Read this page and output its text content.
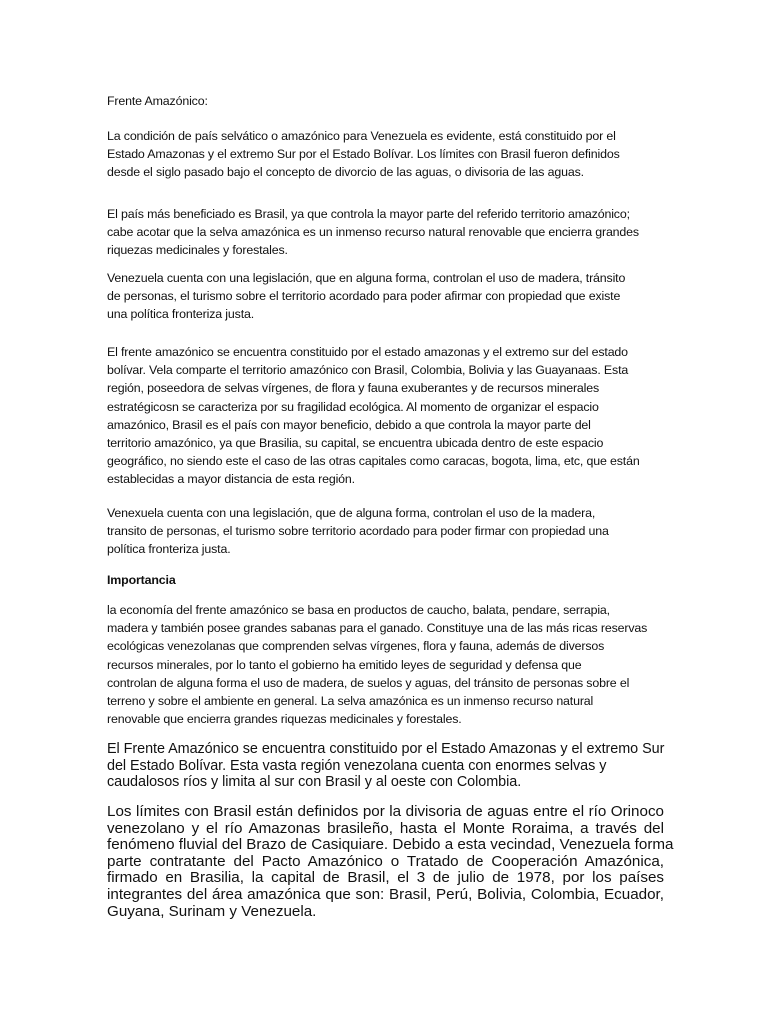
Frente Amazónico:
La condición de país selvático o amazónico para Venezuela es evidente, está constituido por el
Estado Amazonas y el extremo Sur por el Estado Bolívar. Los límites con Brasil fueron definidos
desde el siglo pasado bajo el concepto de divorcio de las aguas, o divisoria de las aguas.
El país más beneficiado es Brasil, ya que controla la mayor parte del referido territorio amazónico;
cabe acotar que la selva amazónica es un inmenso recurso natural renovable que encierra grandes
riquezas medicinales y forestales.
Venezuela cuenta con una legislación, que en alguna forma, controlan el uso de madera, tránsito
de personas, el turismo sobre el territorio acordado para poder afirmar con propiedad que existe
una política fronteriza justa.
El frente amazónico se encuentra constituido por el estado amazonas y el extremo sur del estado
bolívar. Vela comparte el territorio amazónico con Brasil, Colombia, Bolivia y las Guayanaas. Esta
región, poseedora de selvas vírgenes, de flora y fauna exuberantes y de recursos minerales
estratégicosn se caracteriza por su fragilidad ecológica. Al momento de organizar el espacio
amazónico, Brasil es el país con mayor beneficio, debido a que controla la mayor parte del
territorio amazónico, ya que Brasilia, su capital, se encuentra ubicada dentro de este espacio
geográfico, no siendo este el caso de las otras capitales como caracas, bogota, lima, etc, que están
establecidas a mayor distancia de esta región.
Venexuela cuenta con una legislación, que de alguna forma, controlan el uso de la madera,
transito de personas, el turismo sobre territorio acordado para poder firmar con propiedad una
política fronteriza justa.
Importancia
la economía del frente amazónico se basa en productos de caucho, balata, pendare, serrapia,
madera y también posee grandes sabanas para el ganado. Constituye una de las más ricas reservas
ecológicas venezolanas que comprenden selvas vírgenes, flora y fauna, además de diversos
recursos minerales, por lo tanto el gobierno ha emitido leyes de seguridad y defensa que
controlan de alguna forma el uso de madera, de suelos y aguas, del tránsito de personas sobre el
terreno y sobre el ambiente en general. La selva amazónica es un inmenso recurso natural
renovable que encierra grandes riquezas medicinales y forestales.
El Frente Amazónico se encuentra constituido por el Estado Amazonas y el extremo Sur
del Estado Bolívar. Esta vasta región venezolana cuenta con enormes selvas y
caudalosos ríos y limita al sur con Brasil y al oeste con Colombia.
Los límites con Brasil están definidos por la divisoria de aguas entre el río Orinoco
venezolano y el río Amazonas brasileño, hasta el Monte Roraima, a través del
fenómeno fluvial del Brazo de Casiquiare. Debido a esta vecindad, Venezuela forma
parte contratante del Pacto Amazónico o Tratado de Cooperación Amazónica,
firmado en Brasilia, la capital de Brasil, el 3 de julio de 1978, por los países
integrantes del área amazónica que son: Brasil, Perú, Bolivia, Colombia, Ecuador,
Guyana, Surinam y Venezuela.
